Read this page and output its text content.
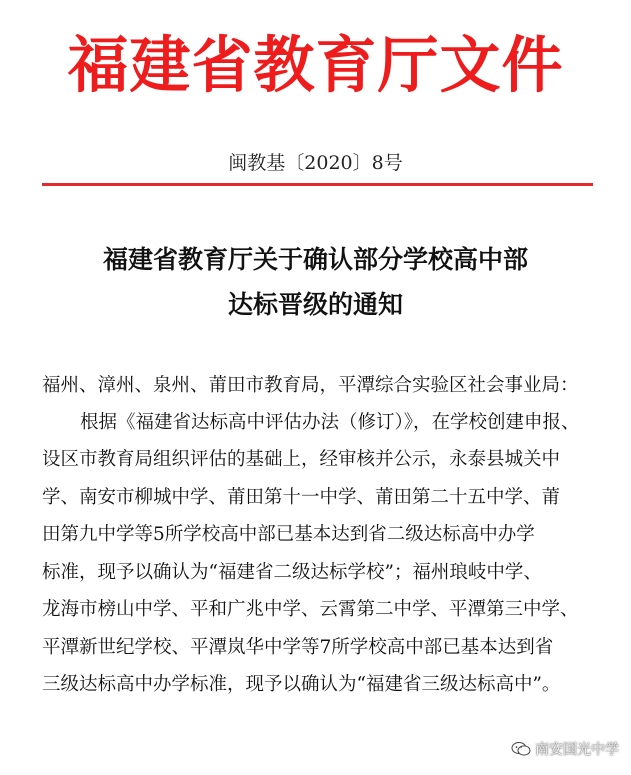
福建省教育厅文件
闽教基〔2020〕8号
福建省教育厅关于确认部分学校高中部
达标晋级的通知
福州、漳州、泉州、莆田市教育局，平潭综合实验区社会事业局：
根据《福建省达标高中评估办法（修订）》，在学校创建申报、
设区市教育局组织评估的基础上，经审核并公示，永泰县城关中
学、南安市柳城中学、莆田第十一中学、莆田第二十五中学、莆
田第九中学等5所学校高中部已基本达到省二级达标高中办学
标准，现予以确认为“福建省二级达标学校”；福州琅岐中学、
龙海市榜山中学、平和广兆中学、云霄第二中学、平潭第三中学、
平潭新世纪学校、平潭岚华中学等7所学校高中部已基本达到省
三级达标高中办学标准，现予以确认为“福建省三级达标高中”。
南安国光中学
